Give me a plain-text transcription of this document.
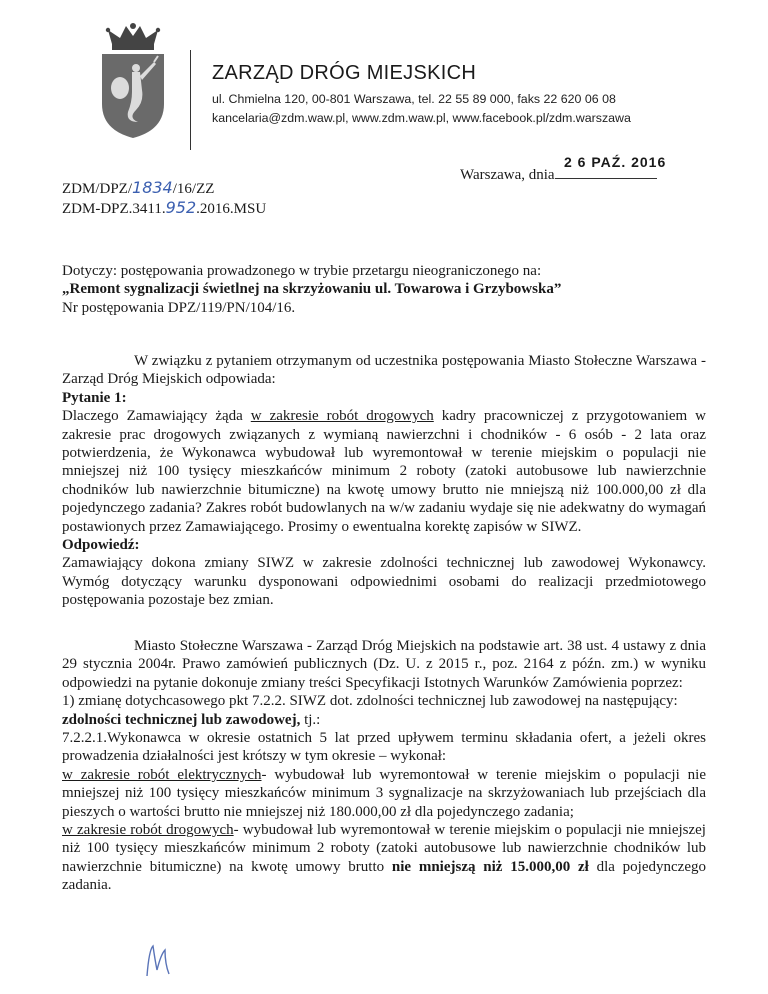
ZARZĄD DRÓG MIEJSKICH
ul. Chmielna 120, 00-801 Warszawa, tel. 22 55 89 000, faks 22 620 06 08
kancelaria@zdm.waw.pl, www.zdm.waw.pl, www.facebook.pl/zdm.warszawa
2 6 PAŹ. 2016
Warszawa, dnia
ZDM/DPZ/1834/16/ZZ
ZDM-DPZ.3411.952.2016.MSU

Dotyczy: postępowania prowadzonego w trybie przetargu nieograniczonego na:

„Remont sygnalizacji świetlnej na skrzyżowaniu ul. Towarowa i Grzybowska”

Nr postępowania DPZ/119/PN/104/16.

W związku z pytaniem otrzymanym od uczestnika postępowania Miasto Stołeczne Warszawa - Zarząd Dróg Miejskich odpowiada:

Pytanie 1:

Dlaczego Zamawiający żąda w zakresie robót drogowych kadry pracowniczej z przygotowaniem w zakresie prac drogowych związanych z wymianą nawierzchni i chodników - 6 osób - 2 lata oraz potwierdzenia, że Wykonawca wybudował lub wyremontował w terenie miejskim o populacji nie mniejszej niż 100 tysięcy mieszkańców minimum 2 roboty (zatoki autobusowe lub nawierzchnie chodników lub nawierzchnie bitumiczne) na kwotę umowy brutto nie mniejszą niż 100.000,00 zł dla pojedynczego zadania? Zakres robót budowlanych na w/w zadaniu wydaje się nie adekwatny do wymagań postawionych przez Zamawiającego. Prosimy o ewentualna korektę zapisów w SIWZ.

Odpowiedź:

Zamawiający dokona zmiany SIWZ w zakresie zdolności technicznej lub zawodowej Wykonawcy. Wymóg dotyczący warunku dysponowani odpowiednimi osobami do realizacji przedmiotowego postępowania pozostaje bez zmian.

Miasto Stołeczne Warszawa - Zarząd Dróg Miejskich na podstawie art. 38 ust. 4 ustawy z dnia 29 stycznia 2004r. Prawo zamówień publicznych (Dz. U. z 2015 r., poz. 2164 z późn. zm.) w wyniku odpowiedzi na pytanie dokonuje zmiany treści Specyfikacji Istotnych Warunków Zamówienia poprzez:

1) zmianę dotychcasowego pkt 7.2.2. SIWZ dot. zdolności technicznej lub zawodowej na następujący:

zdolności technicznej lub zawodowej, tj.:

7.2.2.1.Wykonawca w okresie ostatnich 5 lat przed upływem terminu składania ofert, a jeżeli okres prowadzenia działalności jest krótszy w tym okresie – wykonał:

w zakresie robót elektrycznych- wybudował lub wyremontował w terenie miejskim o populacji nie mniejszej niż 100 tysięcy mieszkańców minimum 3 sygnalizacje na skrzyżowaniach lub przejściach dla pieszych o wartości brutto nie mniejszej niż 180.000,00 zł dla pojedynczego zadania;

w zakresie robót drogowych- wybudował lub wyremontował w terenie miejskim o populacji nie mniejszej niż 100 tysięcy mieszkańców minimum 2 roboty (zatoki autobusowe lub nawierzchnie chodników lub nawierzchnie bitumiczne) na kwotę umowy brutto nie mniejszą niż 15.000,00 zł dla pojedynczego zadania.
